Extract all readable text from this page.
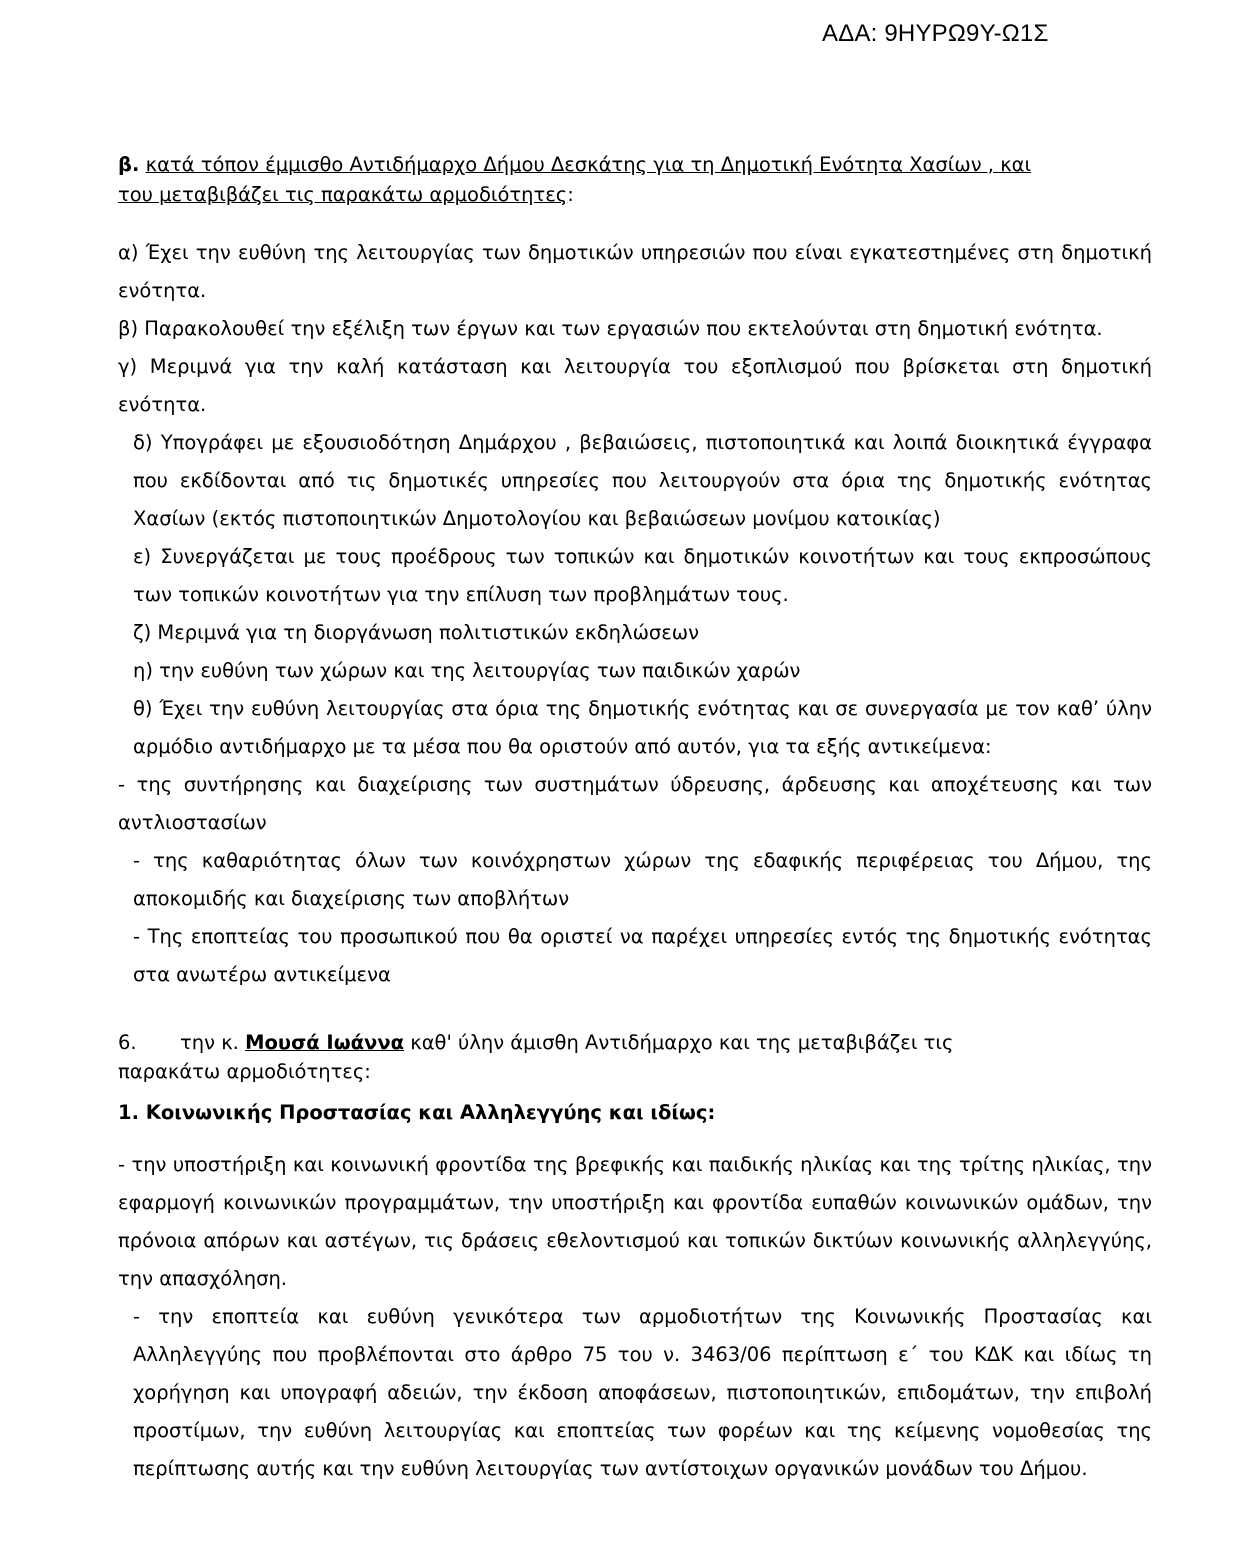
ΑΔΑ: 9ΗΥΡΩ9Υ-Ω1Σ

β. κατά τόπον έμμισθο Αντιδήμαρχο Δήμου Δεσκάτης για τη Δημοτική Ενότητα Χασίων , και
του μεταβιβάζει τις παρακάτω αρμοδιότητες:

α) Έχει την ευθύνη της λειτουργίας των δημοτικών υπηρεσιών που είναι εγκατεστημένες στη δημοτική ενότητα.

β) Παρακολουθεί την εξέλιξη των έργων και των εργασιών που εκτελούνται στη δημοτική ενότητα.

γ) Μεριμνά για την καλή κατάσταση και λειτουργία του εξοπλισμού που βρίσκεται στη δημοτική ενότητα.

δ) Υπογράφει με εξουσιοδότηση Δημάρχου , βεβαιώσεις, πιστοποιητικά και λοιπά διοικητικά έγγραφα που εκδίδονται από τις δημοτικές υπηρεσίες που λειτουργούν στα όρια της δημοτικής ενότητας Χασίων (εκτός πιστοποιητικών Δημοτολογίου και βεβαιώσεων μονίμου κατοικίας)

ε) Συνεργάζεται με τους προέδρους των τοπικών και δημοτικών κοινοτήτων και τους εκπροσώπους των τοπικών κοινοτήτων για την επίλυση των προβλημάτων τους.

ζ) Μεριμνά για τη διοργάνωση πολιτιστικών εκδηλώσεων

η) την ευθύνη των χώρων και της λειτουργίας των παιδικών χαρών

θ) Έχει την ευθύνη λειτουργίας στα όρια της δημοτικής ενότητας και σε συνεργασία με τον καθ’ ύλην αρμόδιο αντιδήμαρχο με τα μέσα που θα οριστούν από αυτόν, για τα εξής αντικείμενα:

- της συντήρησης και διαχείρισης των συστημάτων ύδρευσης, άρδευσης και αποχέτευσης και των αντλιοστασίων

- της καθαριότητας όλων των κοινόχρηστων χώρων της εδαφικής περιφέρειας του Δήμου, της αποκομιδής και διαχείρισης των αποβλήτων

- Της εποπτείας του προσωπικού που θα οριστεί να παρέχει υπηρεσίες εντός της δημοτικής ενότητας στα ανωτέρω αντικείμενα

6. την κ. Μουσά Ιωάννα καθ' ύλην άμισθη Αντιδήμαρχο και της μεταβιβάζει τις
παρακάτω αρμοδιότητες:

1. Κοινωνικής Προστασίας και Αλληλεγγύης και ιδίως:

- την υποστήριξη και κοινωνική φροντίδα της βρεφικής και παιδικής ηλικίας και της τρίτης ηλικίας, την εφαρμογή κοινωνικών προγραμμάτων, την υποστήριξη και φροντίδα ευπαθών κοινωνικών ομάδων, την πρόνοια απόρων και αστέγων, τις δράσεις εθελοντισμού και τοπικών δικτύων κοινωνικής αλληλεγγύης, την απασχόληση.

- την εποπτεία και ευθύνη γενικότερα των αρμοδιοτήτων της Κοινωνικής Προστασίας και Αλληλεγγύης που προβλέπονται στο άρθρο 75 του ν. 3463/06 περίπτωση ε΄ του ΚΔΚ και ιδίως τη χορήγηση και υπογραφή αδειών, την έκδοση αποφάσεων, πιστοποιητικών, επιδομάτων, την επιβολή προστίμων, την ευθύνη λειτουργίας και εποπτείας των φορέων και της κείμενης νομοθεσίας της περίπτωσης αυτής και την ευθύνη λειτουργίας των αντίστοιχων οργανικών μονάδων του Δήμου.
